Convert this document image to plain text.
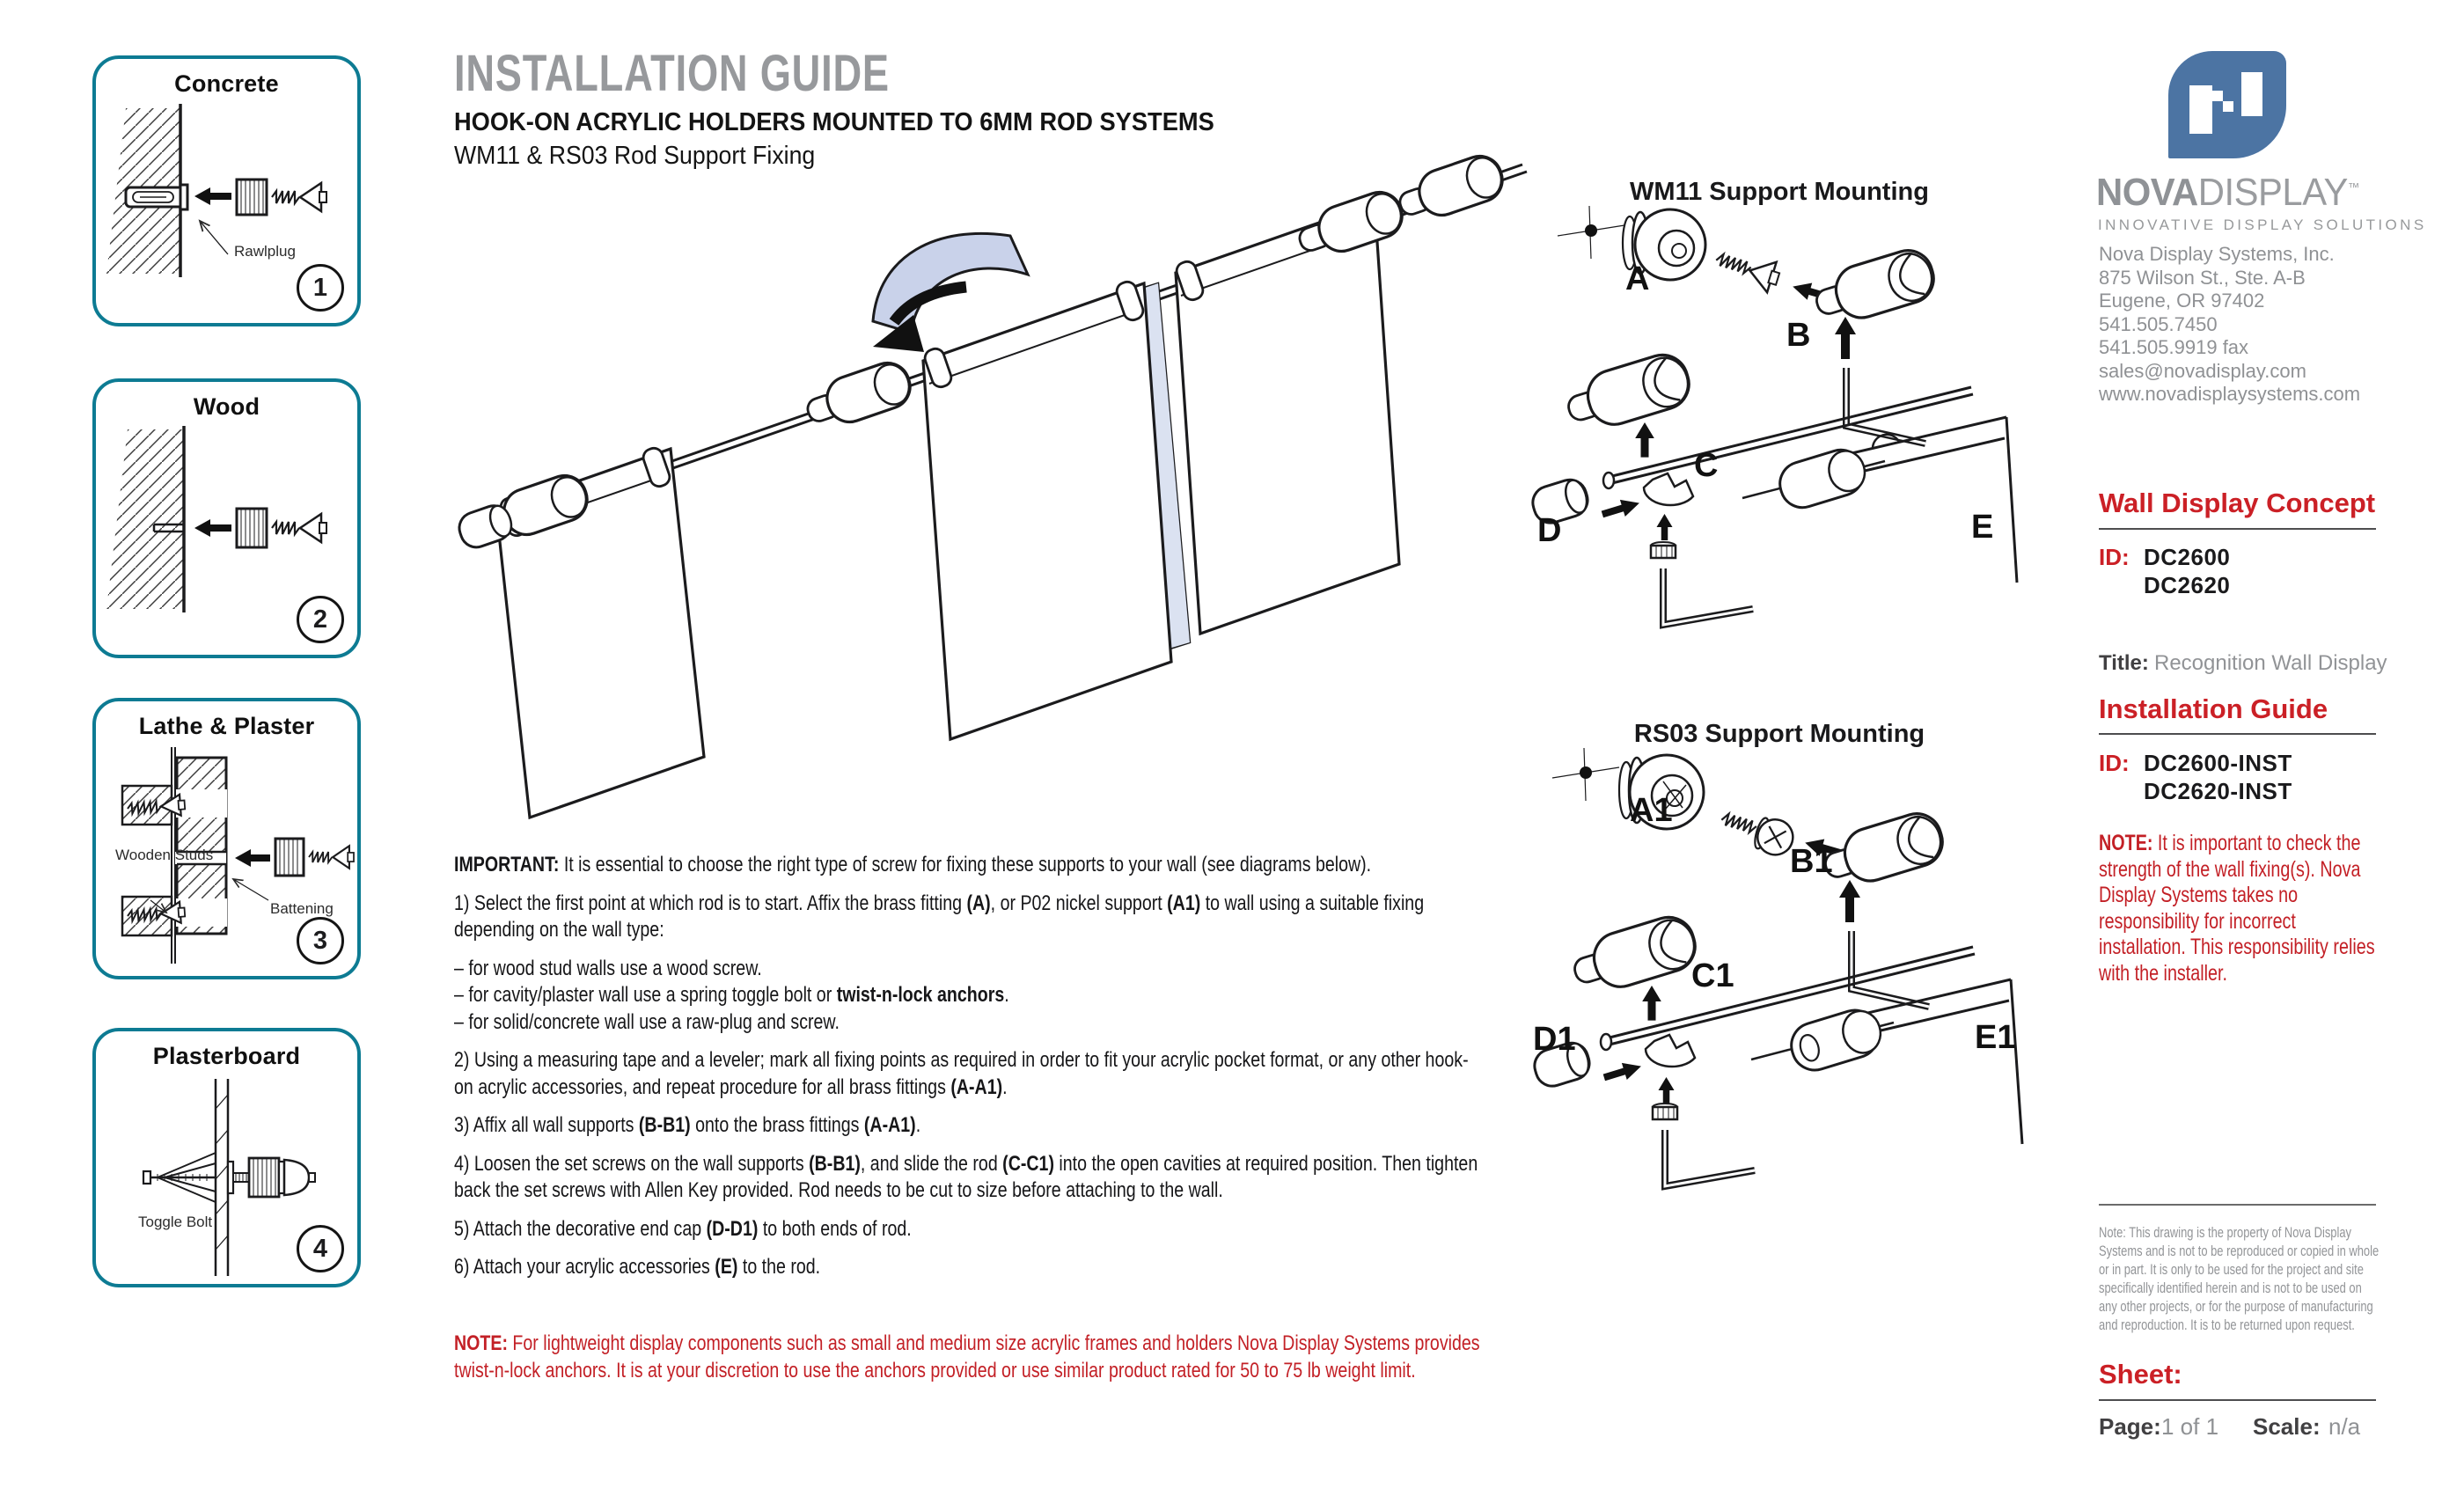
INSTALLATION GUIDE
HOOK-ON ACRYLIC HOLDERS MOUNTED TO 6MM ROD SYSTEMS
WM11 & RS03 Rod Support Fixing
Concrete
Rawlplug
1
Wood
2
Lathe & Plaster
Wooden Studs
Battening
3
Plasterboard
Toggle Bolt
4

IMPORTANT: It is essential to choose the right type of screw for fixing these supports to your wall (see diagrams below).

1) Select the first point at which rod is to start. Affix the brass fitting (A), or P02 nickel support (A1) to wall using a suitable fixing depending on the wall type:

– for wood stud walls use a wood screw.

– for cavity/plaster wall use a spring toggle bolt or twist-n-lock anchors.

– for solid/concrete wall use a raw-plug and screw.

2) Using a measuring tape and a leveler; mark all fixing points as required in order to fit your acrylic pocket format, or any other hook-on acrylic accessories, and repeat procedure for all brass fittings (A-A1).

3) Affix all wall supports (B-B1) onto the brass fittings (A-A1).

4) Loosen the set screws on the wall supports (B-B1), and slide the rod (C-C1) into the open cavities at required position. Then tighten back the set screws with Allen Key provided. Rod needs to be cut to size before attaching to the wall.

5) Attach the decorative end cap (D-D1) to both ends of rod.

6) Attach your acrylic accessories (E) to the rod.

NOTE: For lightweight display components such as small and medium size acrylic frames and holders Nova Display Systems provides twist-n-lock anchors. It is at your discretion to use the anchors provided or use similar product rated for 50 to 75 lb weight limit.
WM11 Support Mounting
A
B
C
D	E
RS03 Support Mounting
A1
B1
C1
D1	E1
NOVADISPLAY™
INNOVATIVE DISPLAY SOLUTIONS
Nova Display Systems, Inc.
875 Wilson St., Ste. A-B
Eugene, OR 97402
541.505.7450
541.505.9919 fax
sales@novadisplay.com
www.novadisplaysystems.com
Wall Display Concept
ID: DC2600
DC2620
Title: Recognition Wall Display
Installation Guide
ID: DC2600-INST
DC2620-INST
NOTE: It is important to check the strength of the wall fixing(s). Nova Display Systems takes no responsibility for incorrect installation. This responsibility relies with the installer.
Note: This drawing is the property of Nova Display Systems and is not to be reproduced or copied in whole or in part. It is only to be used for the project and site specifically identified herein and is not to be used on any other projects, or for the purpose of manufacturing and reproduction. It is to be returned upon request.
Sheet:
Page: 1 of 1 Scale: n/a
